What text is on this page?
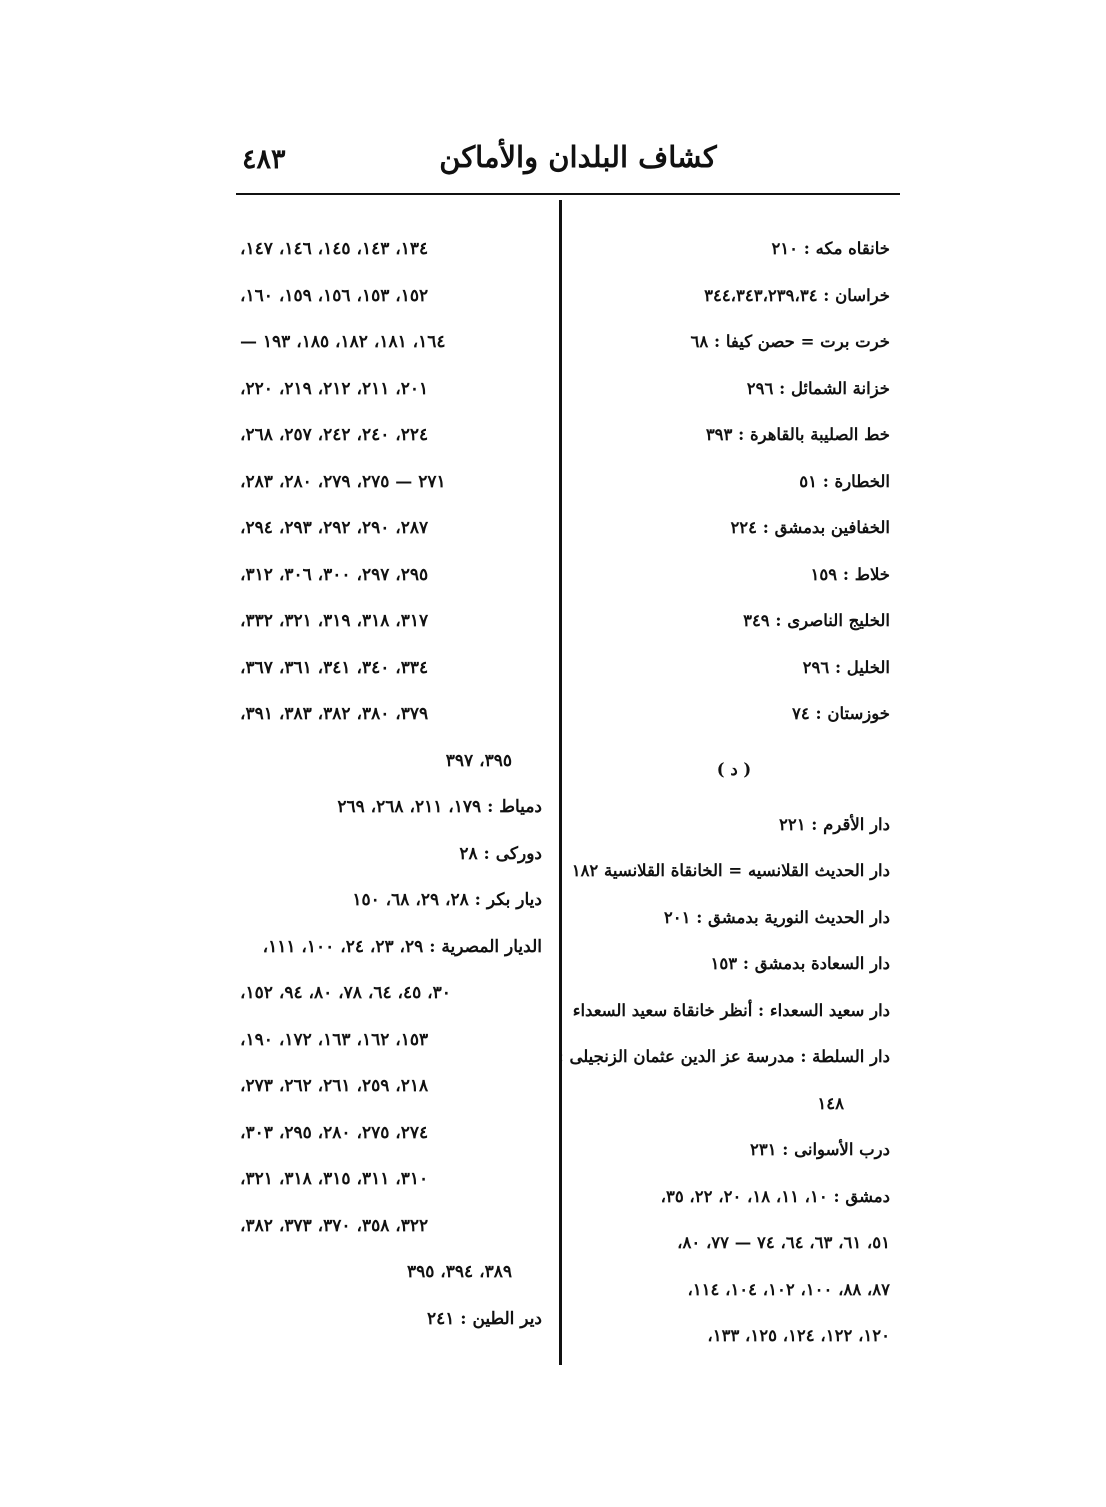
كشاف البلدان والأماكن
٤٨٣
خانقاه مكه : ٢١٠
خراسان : ٣٤٤،٣٤٣،٢٣٩،٣٤
خرت برت = حصن كيفا : ٦٨
خزانة الشمائل : ٢٩٦
خط الصليبة بالقاهرة : ٣٩٣
الخطارة : ٥١
الخفافين بدمشق : ٢٢٤
خلاط : ١٥٩
الخليج الناصرى : ٣٤٩
الخليل : ٢٩٦
خوزستان : ٧٤
( د )
دار الأقرم : ٢٢١
دار الحديث القلانسيه = الخانقاة القلانسية ١٨٢
دار الحديث النورية بدمشق : ٢٠١
دار السعادة بدمشق : ١٥٣
دار سعيد السعداء : أنظر خانقاة سعيد السعداء
دار السلطة : مدرسة عز الدين عثمان الزنجيلى :
١٤٨
درب الأسوانى : ٢٣١
دمشق : ١٠، ١١، ١٨، ٢٠، ٢٢، ٣٥،
٥١، ٦١، ٦٣، ٦٤، ٧٤ — ٧٧، ٨٠،
٨٧، ٨٨، ١٠٠، ١٠٢، ١٠٤، ١١٤،
١٢٠، ١٢٢، ١٢٤، ١٢٥، ١٣٣،
١٣٤، ١٤٣، ١٤٥، ١٤٦، ١٤٧،
١٥٢، ١٥٣، ١٥٦، ١٥٩، ١٦٠،
١٦٤، ١٨١، ١٨٢، ١٨٥، ١٩٣ —
٢٠١، ٢١١، ٢١٢، ٢١٩، ٢٢٠،
٢٢٤، ٢٤٠، ٢٤٢، ٢٥٧، ٢٦٨،
٢٧١ — ٢٧٥، ٢٧٩، ٢٨٠، ٢٨٣،
٢٨٧، ٢٩٠، ٢٩٢، ٢٩٣، ٢٩٤،
٢٩٥، ٢٩٧، ٣٠٠، ٣٠٦، ٣١٢،
٣١٧، ٣١٨، ٣١٩، ٣٢١، ٣٣٢،
٣٣٤، ٣٤٠، ٣٤١، ٣٦١، ٣٦٧،
٣٧٩، ٣٨٠، ٣٨٢، ٣٨٣، ٣٩١،
٣٩٥، ٣٩٧
دمياط : ١٧٩، ٢١١، ٢٦٨، ٢٦٩
دوركى : ٢٨
ديار بكر : ٢٨، ٢٩، ٦٨، ١٥٠
الديار المصرية : ٢٩، ٢٣، ٢٤، ١٠٠، ١١١،
٣٠، ٤٥، ٦٤، ٧٨، ٨٠، ٩٤، ١٥٢،
١٥٣، ١٦٢، ١٦٣، ١٧٢، ١٩٠،
٢١٨، ٢٥٩، ٢٦١، ٢٦٢، ٢٧٣،
٢٧٤، ٢٧٥، ٢٨٠، ٢٩٥، ٣٠٣،
٣١٠، ٣١١، ٣١٥، ٣١٨، ٣٢١،
٣٢٢، ٣٥٨، ٣٧٠، ٣٧٣، ٣٨٢،
٣٨٩، ٣٩٤، ٣٩٥
دير الطين : ٢٤١
